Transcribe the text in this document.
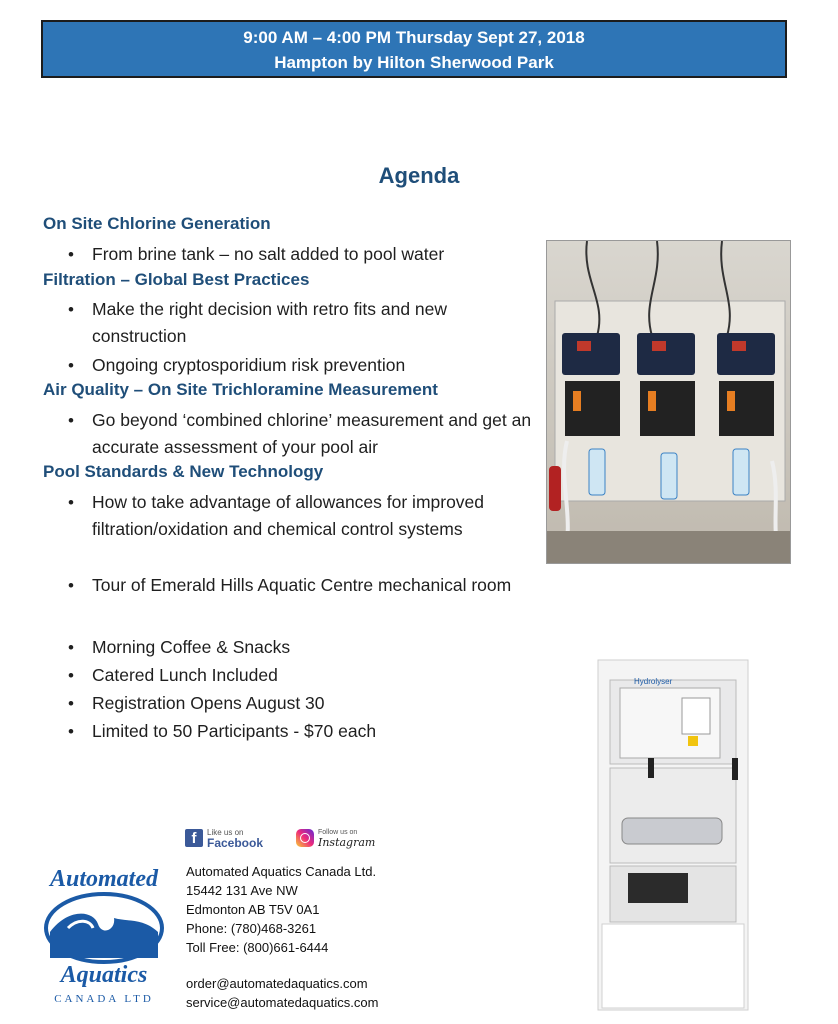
9:00 AM – 4:00 PM Thursday Sept 27, 2018
Hampton by Hilton Sherwood Park
Agenda
On Site Chlorine Generation
• From brine tank – no salt added to pool water
Filtration – Global Best Practices
• Make the right decision with retro fits and new construction
• Ongoing cryptosporidium risk prevention
Air Quality – On Site Trichloramine Measurement
• Go beyond ‘combined chlorine’ measurement and get an accurate assessment of your pool air
Pool Standards & New Technology
• How to take advantage of allowances for improved filtration/oxidation and chemical control systems
• Tour of Emerald Hills Aquatic Centre mechanical room
• Morning Coffee & Snacks
• Catered Lunch Included
• Registration Opens August 30
• Limited to 50 Participants - $70 each
Hydrolyser
f	Like us on
Facebook
Follow us on
Instagram
Automated
Aquatics
CANADA LTD
Automated Aquatics Canada Ltd.
15442 131 Ave NW
Edmonton AB T5V 0A1
Phone: (780)468-3261
Toll Free: (800)661-6444
order@automatedaquatics.com
service@automatedaquatics.com
